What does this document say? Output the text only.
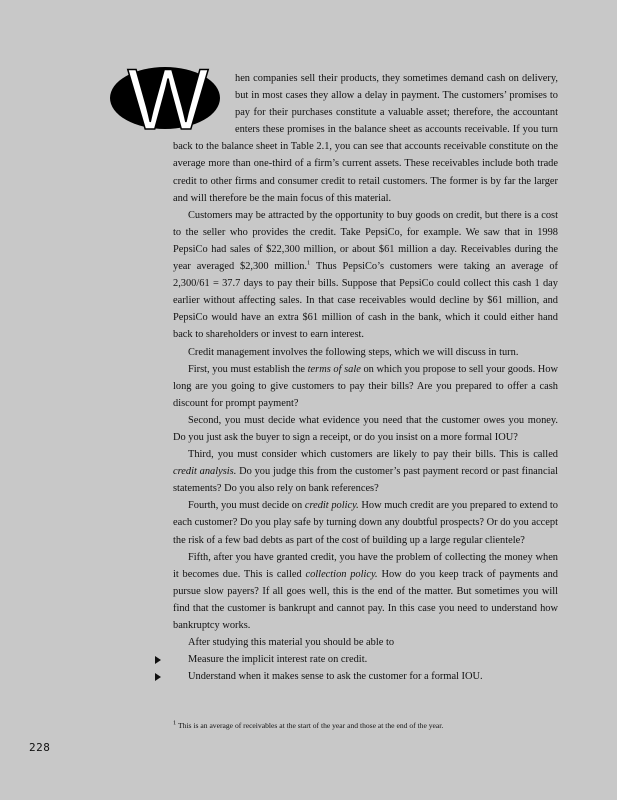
W	hen companies sell their products, they sometimes demand cash on delivery, but in most cases they allow a delay in payment. The customers’ promises to pay for their purchases constitute a valuable asset; therefore, the accountant enters these promises in the balance sheet as accounts receivable. If you turn back to the balance sheet in Table 2.1, you can see that accounts receivable constitute on the average more than one-third of a firm’s current assets. These receivables include both trade credit to other firms and consumer credit to retail customers. The former is by far the larger and will therefore be the main focus of this material.

Customers may be attracted by the opportunity to buy goods on credit, but there is a cost to the seller who provides the credit. Take PepsiCo, for example. We saw that in 1998 PepsiCo had sales of $22,300 million, or about $61 million a day. Receivables during the year averaged $2,300 million.$^1$ Thus PepsiCo’s customers were taking an average of 2,300/61 = 37.7 days to pay their bills. Suppose that PepsiCo could collect this cash 1 day earlier without affecting sales. In that case receivables would decline by $61 million, and PepsiCo would have an extra $61 million of cash in the bank, which it could either hand back to shareholders or invest to earn interest.

Credit management involves the following steps, which we will discuss in turn.

First, you must establish the terms of sale on which you propose to sell your goods. How long are you going to give customers to pay their bills? Are you prepared to offer a cash discount for prompt payment?

Second, you must decide what evidence you need that the customer owes you money. Do you just ask the buyer to sign a receipt, or do you insist on a more formal IOU?

Third, you must consider which customers are likely to pay their bills. This is called credit analysis. Do you judge this from the customer’s past payment record or past financial statements? Do you also rely on bank references?

Fourth, you must decide on credit policy. How much credit are you prepared to extend to each customer? Do you play safe by turning down any doubtful prospects? Or do you accept the risk of a few bad debts as part of the cost of building up a large regular clientele?

Fifth, after you have granted credit, you have the problem of collecting the money when it becomes due. This is called collection policy. How do you keep track of payments and pursue slow payers? If all goes well, this is the end of the matter. But sometimes you will find that the customer is bankrupt and cannot pay. In this case you need to understand how bankruptcy works.

After studying this material you should be able to

Measure the implicit interest rate on credit.
Understand when it makes sense to ask the customer for a formal IOU.
$^1$ This is an average of receivables at the start of the year and those at the end of the year.
228
